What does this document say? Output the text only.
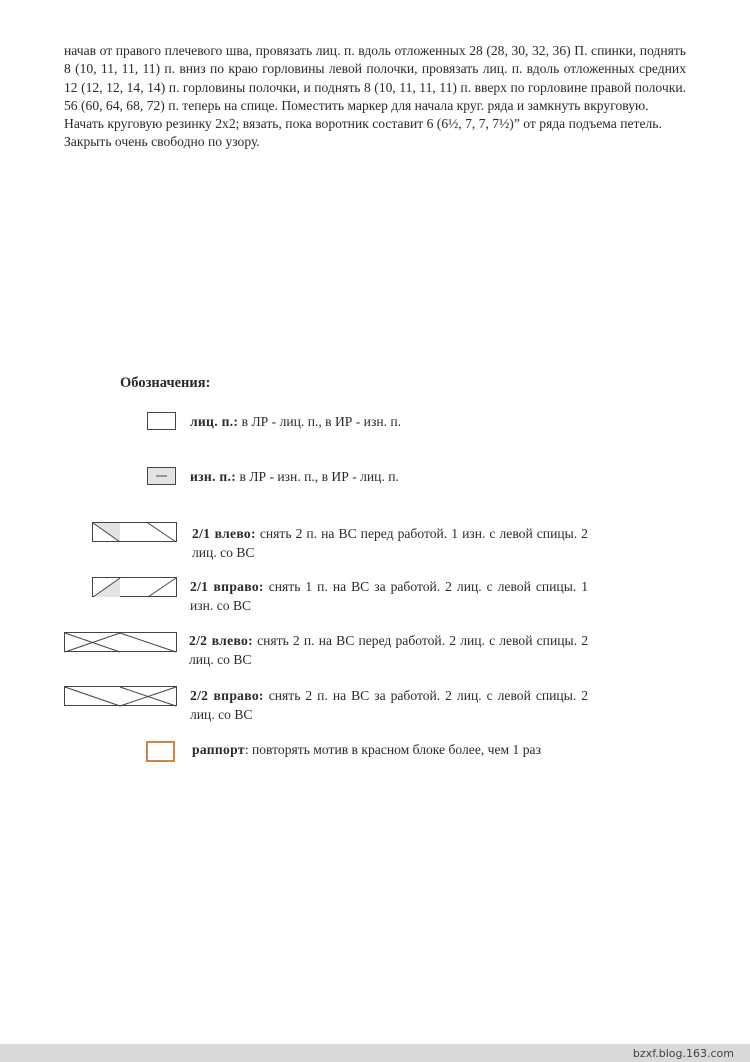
начав от правого плечевого шва, провязать лиц. п. вдоль отложенных 28 (28, 30, 32, 36) П. спинки, поднять 8 (10, 11, 11, 11) п. вниз по краю горловины левой полочки, провязать лиц. п. вдоль отложенных средних 12 (12, 12, 14, 14) п. горловины полочки, и поднять 8 (10, 11, 11, 11) п. вверх по горловине правой полочки. 56 (60, 64, 68, 72) п. теперь на спице. Поместить маркер для начала круг. ряда и замкнуть вкруговую.

Начать круговую резинку 2х2; вязать, пока воротник составит 6 (6½, 7, 7, 7½)” от ряда подъема петель.

Закрыть очень свободно по узору.

Обозначения:
лиц. п.: в ЛР - лиц. п., в ИР - изн. п.
изн. п.: в ЛР - изн. п., в ИР - лиц. п.
2/1 влево: снять 2 п. на ВС перед работой. 1 изн. с левой спицы. 2 лиц. со ВС
2/1 вправо: снять 1 п. на ВС за работой. 2 лиц. с левой спицы. 1 изн. со ВС
2/2 влево: снять 2 п. на ВС перед работой. 2 лиц. с левой спицы. 2 лиц. со ВС
2/2 вправо: снять 2 п. на ВС за работой. 2 лиц. с левой спицы. 2 лиц. со ВС
раппорт: повторять мотив в красном блоке более, чем 1 раз
bzxf.blog.163.com
